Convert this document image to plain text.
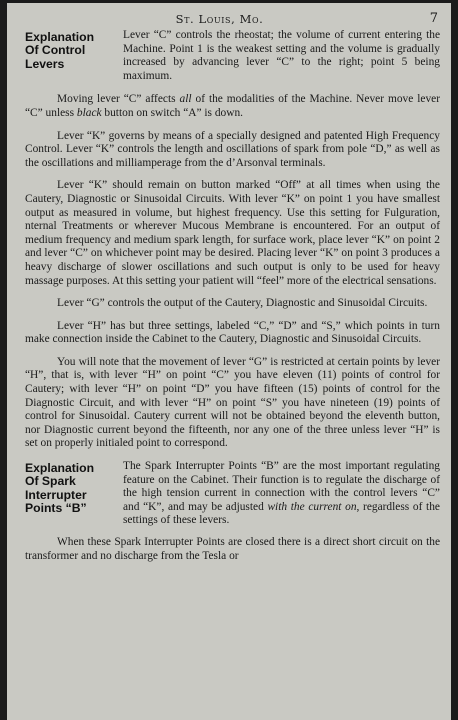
St. Louis, Mo.	7
Explanation
Of Control
Levers

Lever “C” controls the rheostat; the volume of current entering the Machine. Point 1 is the weakest setting and the volume is gradually increased by advancing lever “C” to the right; point 5 being maximum.

Moving lever “C” affects all of the modalities of the Machine. Never move lever “C” unless black button on switch “A” is down.

Lever “K” governs by means of a specially designed and patented High Frequency Control. Lever “K” controls the length and oscillations of spark from pole “D,” as well as the oscillations and milliamperage from the d’Arsonval terminals.

Lever “K” should remain on button marked “Off” at all times when using the Cautery, Diagnostic or Sinusoidal Circuits. With lever “K” on point 1 you have smallest output as measured in volume, but highest frequency. Use this setting for Fulguration, nternal Treatments or wherever Mucous Membrane is encountered. For an output of medium frequency and medium spark length, for surface work, place lever “K” on point 2 and lever “C” on whichever point may be desired. Placing lever “K” on point 3 produces a heavy discharge of slower oscillations and such output is only to be used for heavy massage purposes. At this setting your patient will “feel” more of the electrical sensations.

Lever “G” controls the output of the Cautery, Diagnostic and Sinusoidal Circuits.

Lever “H” has but three settings, labeled “C,” “D” and “S,” which points in turn make connection inside the Cabinet to the Cautery, Diagnostic and Sinusoidal Circuits.

You will note that the movement of lever “G” is restricted at certain points by lever “H”, that is, with lever “H” on point “C” you have eleven (11) points of control for Cautery; with lever “H” on point “D” you have fifteen (15) points of control for the Diagnostic Circuit, and with lever “H” on point “S” you have nineteen (19) points of control for Sinusoidal. Cautery current will not be obtained beyond the eleventh button, nor Diagnostic current beyond the fifteenth, nor any one of the three unless lever “H” is set on properly initialed point to correspond.

Explanation
Of Spark
Interrupter
Points “B”

The Spark Interrupter Points “B” are the most important regulating feature on the Cabinet. Their function is to regulate the discharge of the high tension current in connection with the control levers “C” and “K”, and may be adjusted with the current on, regardless of the settings of these levers.

When these Spark Interrupter Points are closed there is a direct short circuit on the transformer and no discharge from the Tesla or
